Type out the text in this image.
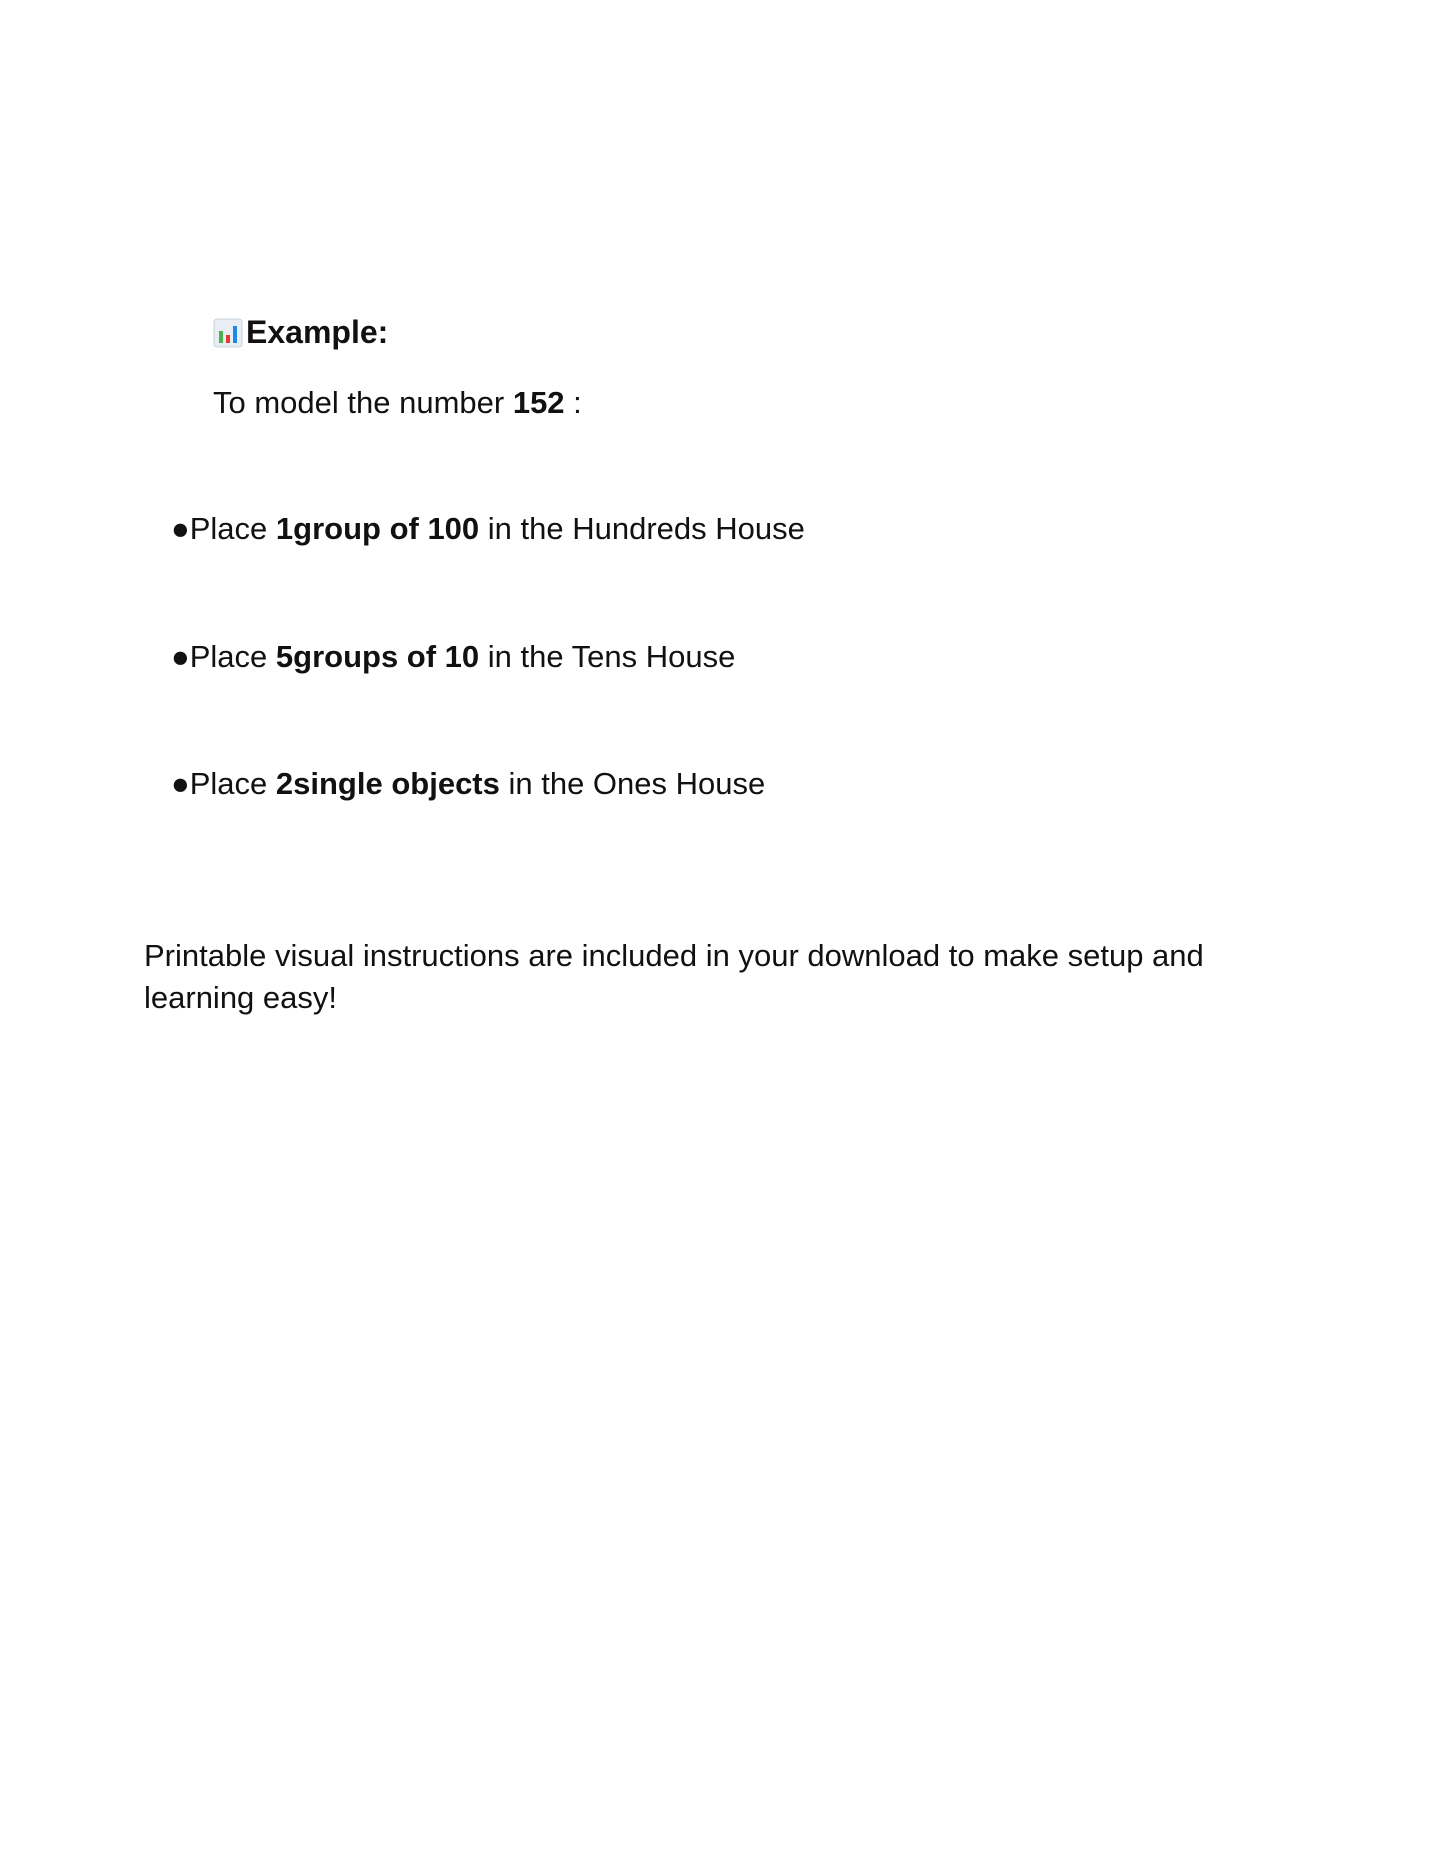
Example:
To model the number 152 :
●Place 1group of 100 in the Hundreds House
●Place 5groups of 10 in the Tens House
●Place 2single objects in the Ones House
Printable visual instructions are included in your download to make setup and learning easy!
